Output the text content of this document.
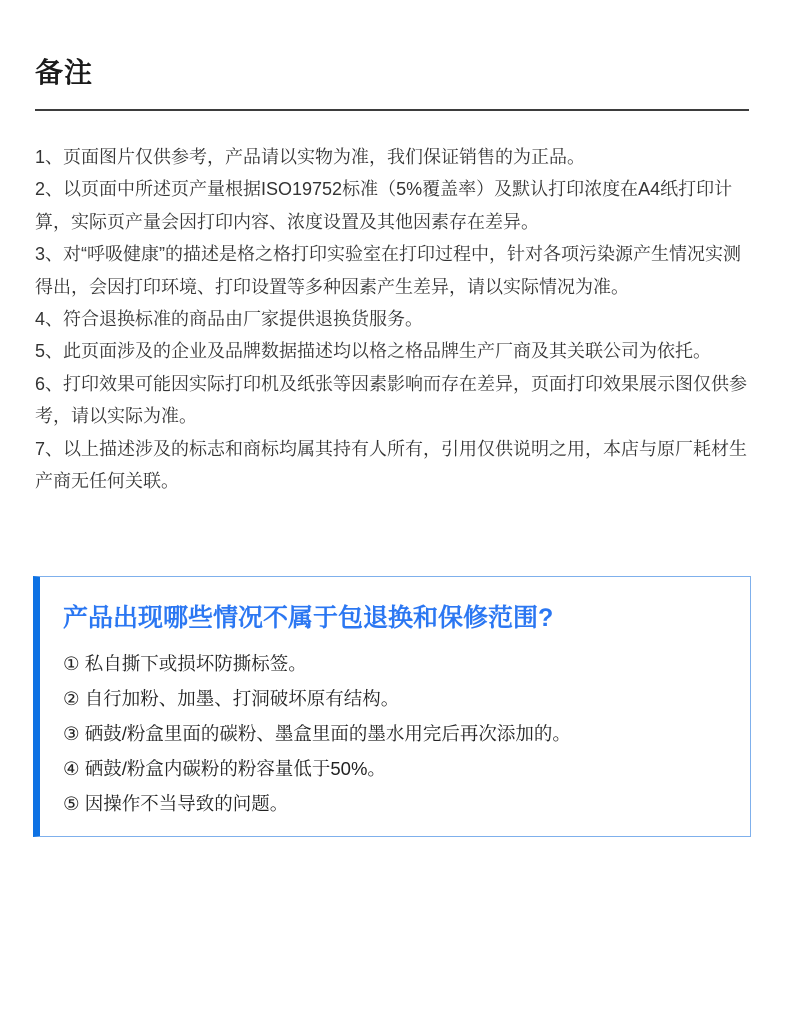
备注

1、页面图片仅供参考，产品请以实物为准，我们保证销售的为正品。

2、以页面中所述页产量根据ISO19752标准（5%覆盖率）及默认打印浓度在A4纸打印计算，实际页产量会因打印内容、浓度设置及其他因素存在差异。

3、对“呼吸健康”的描述是格之格打印实验室在打印过程中，针对各项污染源产生情况实测得出，会因打印环境、打印设置等多种因素产生差异，请以实际情况为准。

4、符合退换标准的商品由厂家提供退换货服务。

5、此页面涉及的企业及品牌数据描述均以格之格品牌生产厂商及其关联公司为依托。

6、打印效果可能因实际打印机及纸张等因素影响而存在差异，页面打印效果展示图仅供参考，请以实际为准。

7、以上描述涉及的标志和商标均属其持有人所有，引用仅供说明之用，本店与原厂耗材生产商无任何关联。

产品出现哪些情况不属于包退换和保修范围?

① 私自撕下或损坏防撕标签。

② 自行加粉、加墨、打洞破坏原有结构。

③ 硒鼓/粉盒里面的碳粉、墨盒里面的墨水用完后再次添加的。

④ 硒鼓/粉盒内碳粉的粉容量低于50%。

⑤ 因操作不当导致的问题。
